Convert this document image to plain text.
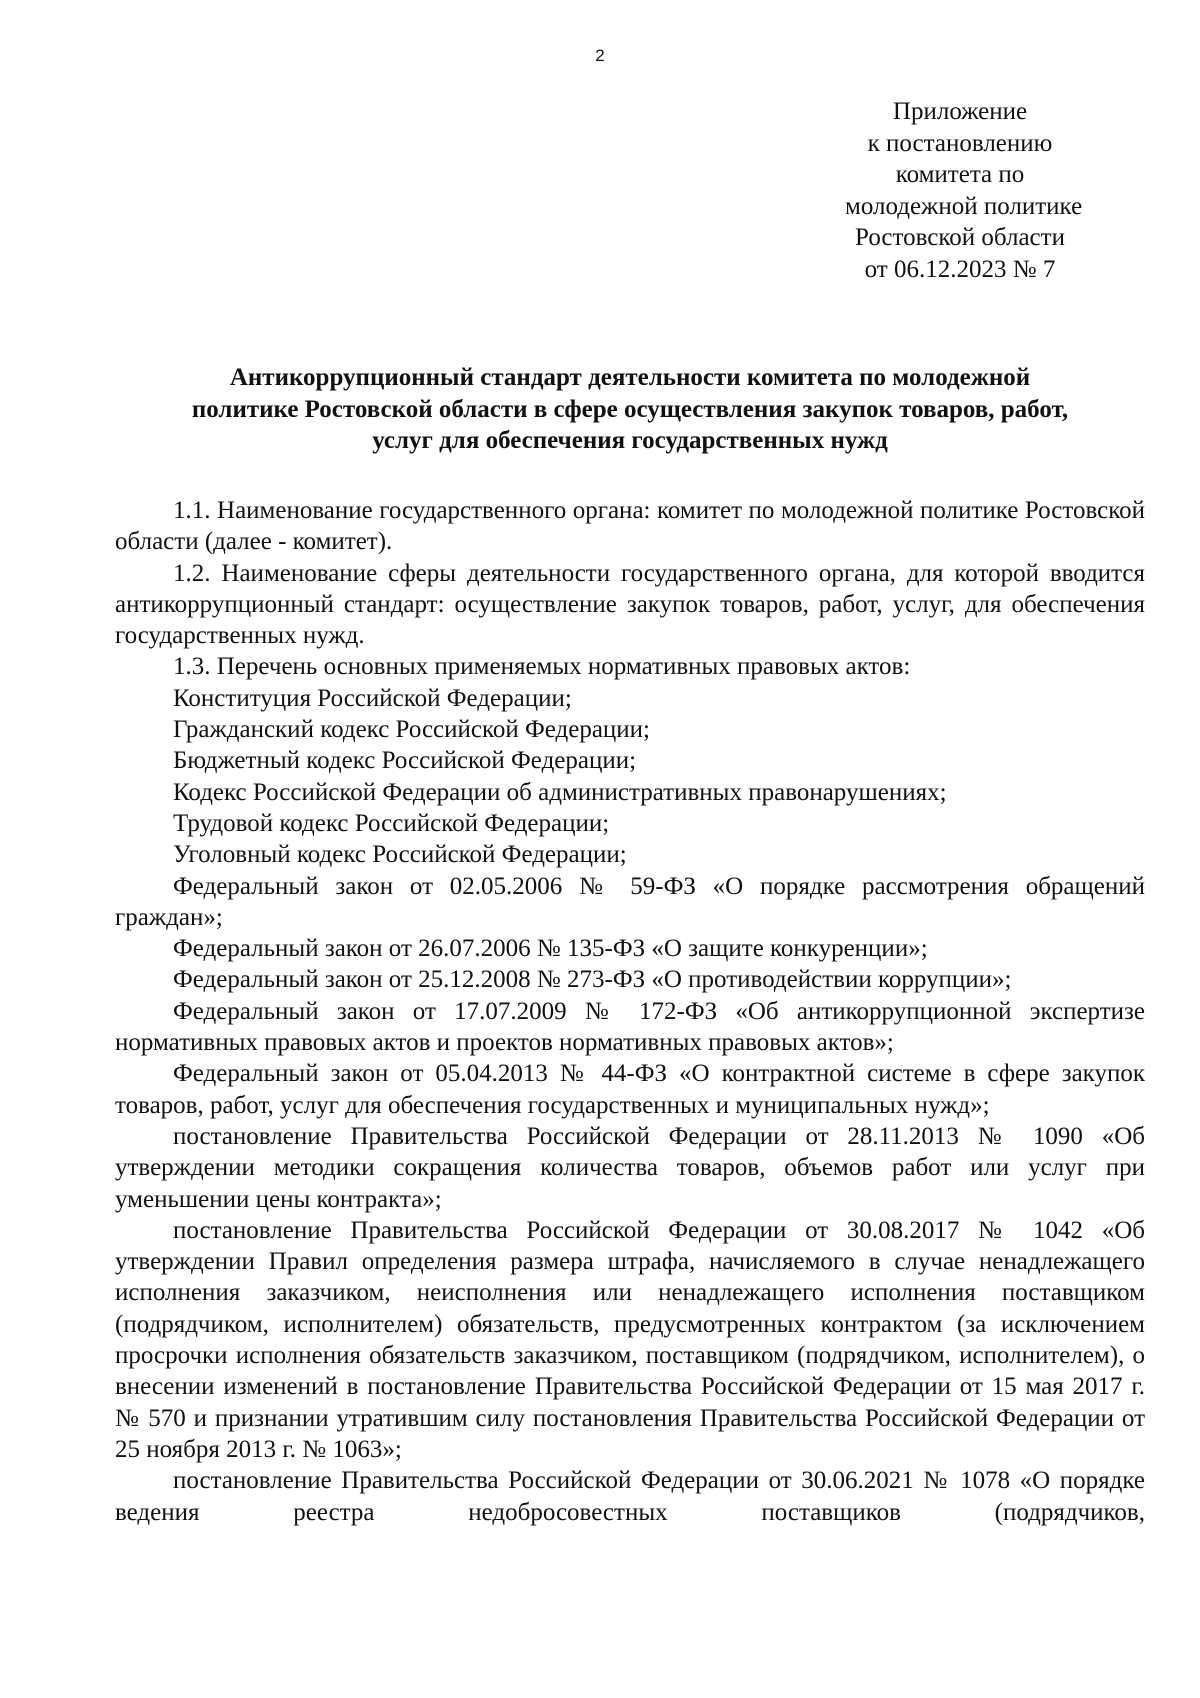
2
Приложение
к постановлению
комитета по
молодежной политике
Ростовской области
от 06.12.2023 № 7
Антикоррупционный стандарт деятельности комитета по молодежной
политике Ростовской области в сфере осуществления закупок товаров, работ,
услуг для обеспечения государственных нужд

1.1. Наименование государственного органа: комитет по молодежной политике Ростовской области (далее - комитет).

1.2. Наименование сферы деятельности государственного органа, для которой вводится антикоррупционный стандарт: осуществление закупок товаров, работ, услуг, для обеспечения государственных нужд.

1.3. Перечень основных применяемых нормативных правовых актов:

Конституция Российской Федерации;

Гражданский кодекс Российской Федерации;

Бюджетный кодекс Российской Федерации;

Кодекс Российской Федерации об административных правонарушениях;

Трудовой кодекс Российской Федерации;

Уголовный кодекс Российской Федерации;

Федеральный закон от 02.05.2006 № 59-ФЗ «О порядке рассмотрения обращений граждан»;

Федеральный закон от 26.07.2006 № 135-ФЗ «О защите конкуренции»;

Федеральный закон от 25.12.2008 № 273-ФЗ «О противодействии коррупции»;

Федеральный закон от 17.07.2009 № 172-ФЗ «Об антикоррупционной экспертизе нормативных правовых актов и проектов нормативных правовых актов»;

Федеральный закон от 05.04.2013 № 44-ФЗ «О контрактной системе в сфере закупок товаров, работ, услуг для обеспечения государственных и муниципальных нужд»;

постановление Правительства Российской Федерации от 28.11.2013 № 1090 «Об утверждении методики сокращения количества товаров, объемов работ или услуг при уменьшении цены контракта»;

постановление Правительства Российской Федерации от 30.08.2017 № 1042 «Об утверждении Правил определения размера штрафа, начисляемого в случае ненадлежащего исполнения заказчиком, неисполнения или ненадлежащего исполнения поставщиком (подрядчиком, исполнителем) обязательств, предусмотренных контрактом (за исключением просрочки исполнения обязательств заказчиком, поставщиком (подрядчиком, исполнителем), о внесении изменений в постановление Правительства Российской Федерации от 15 мая 2017 г. № 570 и признании утратившим силу постановления Правительства Российской Федерации от 25 ноября 2013 г. № 1063»;

постановление Правительства Российской Федерации от 30.06.2021 № 1078 «О порядке ведения реестра недобросовестных поставщиков (подрядчиков,
